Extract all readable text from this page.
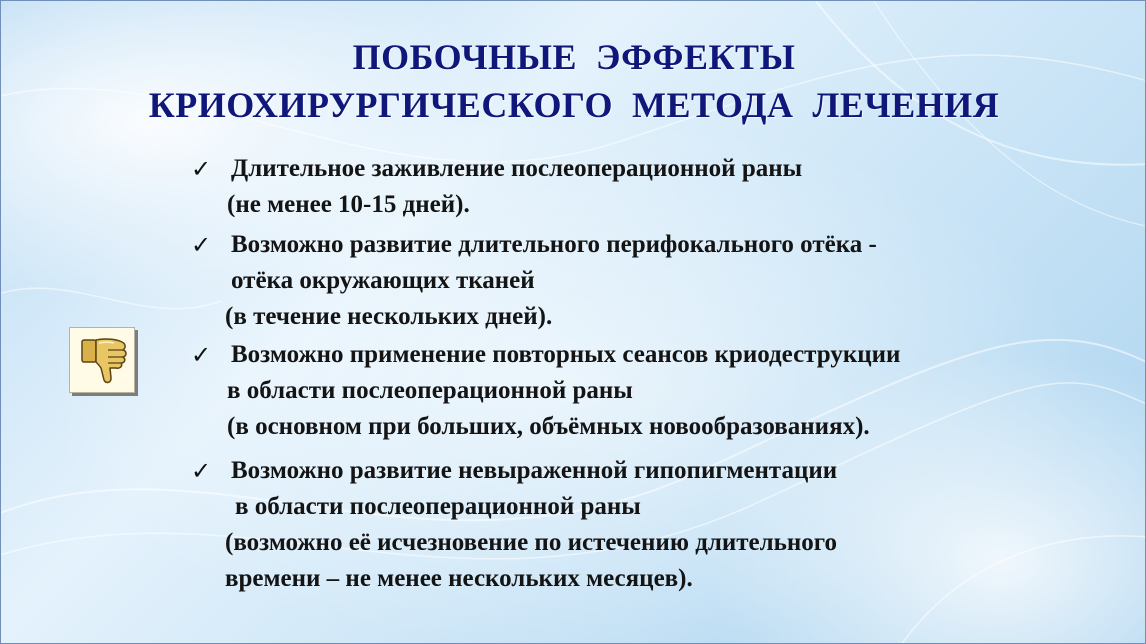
ПОБОЧНЫЕ  ЭФФЕКТЫ
КРИОХИРУРГИЧЕСКОГО  МЕТОДА  ЛЕЧЕНИЯ
✓ Длительное заживление послеоперационной раны
(не менее 10-15 дней).
✓ Возможно развитие длительного перифокального отёка -
отёка окружающих тканей
(в течение нескольких дней).
✓ Возможно применение повторных сеансов криодеструкции
в области послеоперационной раны
(в основном при больших, объёмных новообразованиях).
✓ Возможно развитие невыраженной гипопигментации
в области послеоперационной раны
(возможно её исчезновение по истечению длительного
времени – не менее нескольких месяцев).
